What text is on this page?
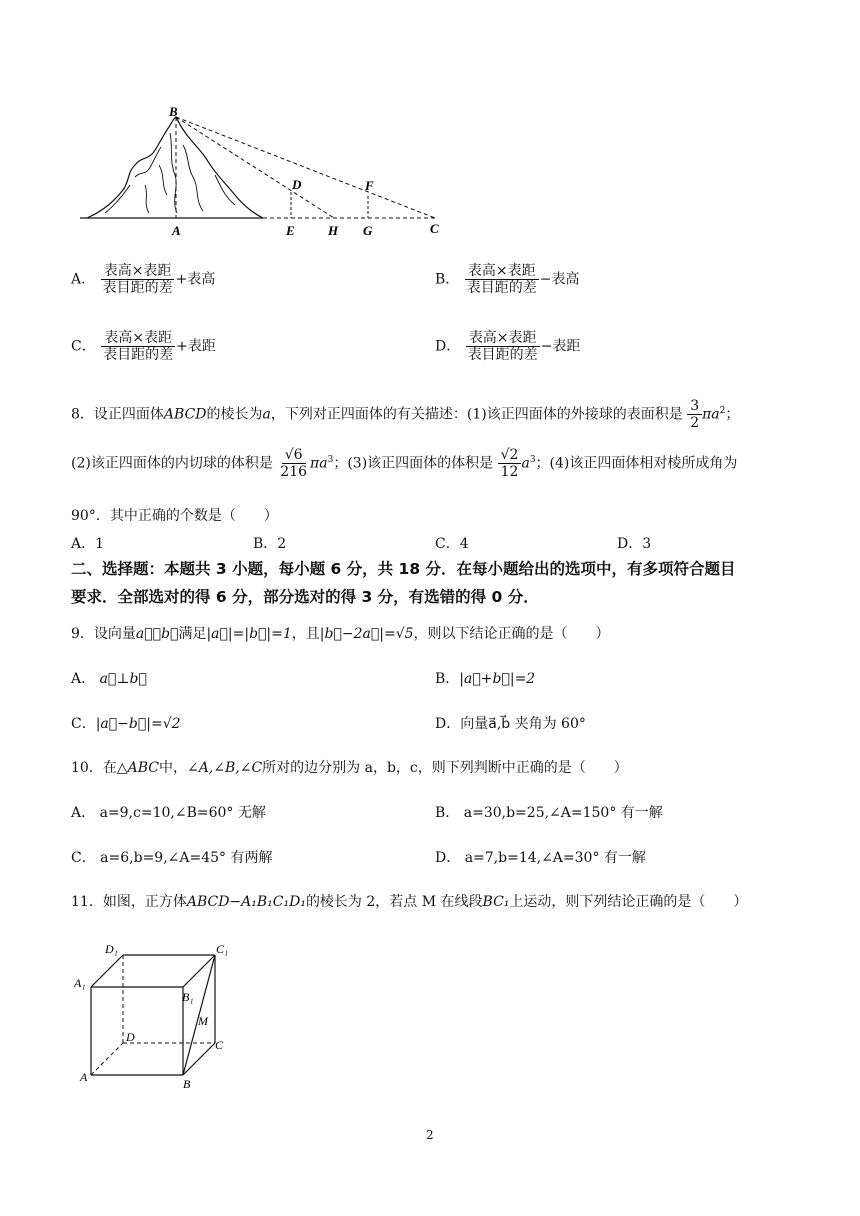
B
D	F
A	E	H G	C
A． $\frac{\text{表高×表距}}{\text{表目距的差}}$ +表高	B． $\frac{\text{表高×表距}}{\text{表目距的差}}$ −表高
C． $\frac{\text{表高×表距}}{\text{表目距的差}}$ +表距	D． $\frac{\text{表高×表距}}{\text{表目距的差}}$ −表距
8．设正四面体ABCD的棱长为a，下列对正四面体的有关描述：(1)该正四面体的外接球的表面积是 $\frac{3}{2} \pi a^2$；
(2)该正四面体的内切球的体积是 $\frac{√6}{216} \pi a^3$；(3)该正四面体的体积是 $\frac{√2}{12} a^3$；(4)该正四面体相对棱所成角为
90°．其中正确的个数是（　　）
A．1	B．2	C．4	D．3
二、选择题：本题共 3 小题，每小题 6 分，共 18 分．在每小题给出的选项中，有多项符合题目
要求．全部选对的得 6 分，部分选对的得 3 分，有选错的得 0 分．
9．设向量a⃗，b⃗满足|a⃗|=|b⃗|=1，且|b⃗−2a⃗|=√5，则以下结论正确的是（　　）
A． a⃗⊥b⃗	B．|a⃗+b⃗|=2
C．|a⃗−b⃗|=√2	D．向量a⃗,b⃗ 夹角为 60°
10．在△ABC中，∠A,∠B,∠C所对的边分别为 a，b，c，则下列判断中正确的是（　　）
A． a=9,c=10,∠B=60° 无解	B． a=30,b=25,∠A=150° 有一解
C． a=6,b=9,∠A=45° 有两解	D． a=7,b=14,∠A=30° 有一解
11．如图，正方体ABCD−A₁B₁C₁D₁的棱长为 2，若点 M 在线段BC₁上运动，则下列结论正确的是（　　）
D₁	C₁
A₁
B₁
M
D
C
A	B
2
